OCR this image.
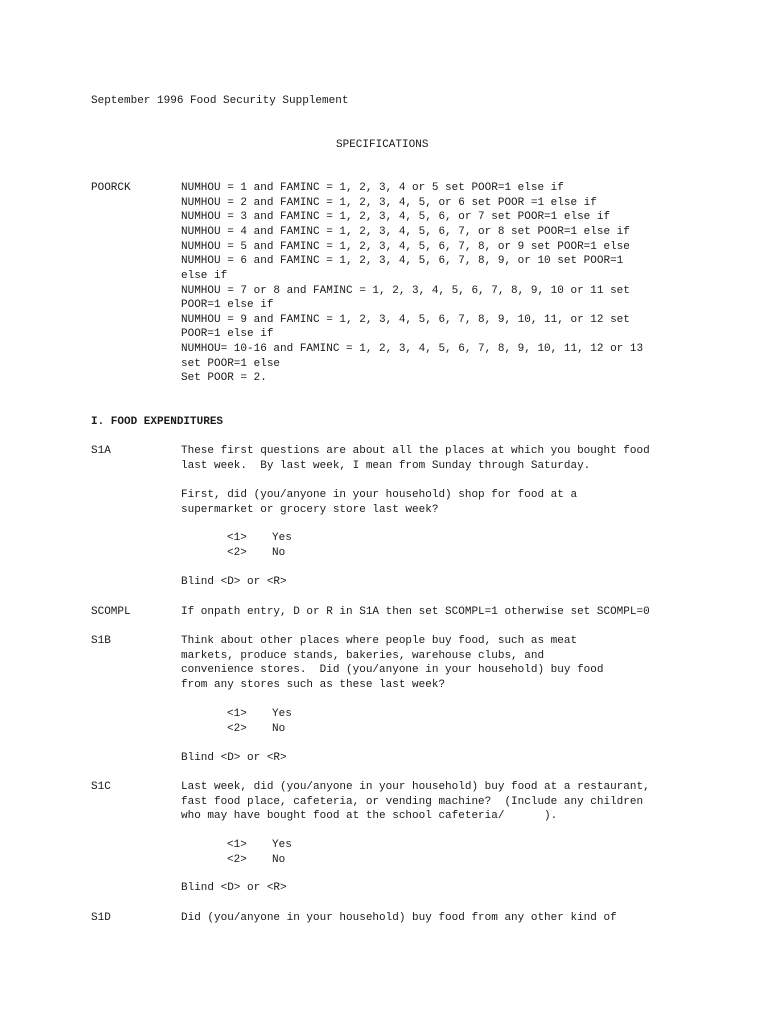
September 1996 Food Security Supplement
SPECIFICATIONS
POORCK	NUMHOU = 1 and FAMINC = 1, 2, 3, 4 or 5 set POOR=1 else if
NUMHOU = 2 and FAMINC = 1, 2, 3, 4, 5, or 6 set POOR =1 else if
NUMHOU = 3 and FAMINC = 1, 2, 3, 4, 5, 6, or 7 set POOR=1 else if
NUMHOU = 4 and FAMINC = 1, 2, 3, 4, 5, 6, 7, or 8 set POOR=1 else if
NUMHOU = 5 and FAMINC = 1, 2, 3, 4, 5, 6, 7, 8, or 9 set POOR=1 else
NUMHOU = 6 and FAMINC = 1, 2, 3, 4, 5, 6, 7, 8, 9, or 10 set POOR=1
else if
NUMHOU = 7 or 8 and FAMINC = 1, 2, 3, 4, 5, 6, 7, 8, 9, 10 or 11 set
POOR=1 else if
NUMHOU = 9 and FAMINC = 1, 2, 3, 4, 5, 6, 7, 8, 9, 10, 11, or 12 set
POOR=1 else if
NUMHOU= 10-16 and FAMINC = 1, 2, 3, 4, 5, 6, 7, 8, 9, 10, 11, 12 or 13
set POOR=1 else
Set POOR = 2.
I. FOOD EXPENDITURES
S1A	These first questions are about all the places at which you bought food
last week.  By last week, I mean from Sunday through Saturday.
First, did (you/anyone in your household) shop for food at a
supermarket or grocery store last week?
<1> Yes
<2> No
Blind <D> or <R>
SCOMPL	If onpath entry, D or R in S1A then set SCOMPL=1 otherwise set SCOMPL=0
S1B	Think about other places where people buy food, such as meat
markets, produce stands, bakeries, warehouse clubs, and
convenience stores.  Did (you/anyone in your household) buy food
from any stores such as these last week?
<1> Yes
<2> No
Blind <D> or <R>
S1C	Last week, did (you/anyone in your household) buy food at a restaurant,
fast food place, cafeteria, or vending machine?  (Include any children
who may have bought food at the school cafeteria/      ).
<1> Yes
<2> No
Blind <D> or <R>
S1D	Did (you/anyone in your household) buy food from any other kind of
